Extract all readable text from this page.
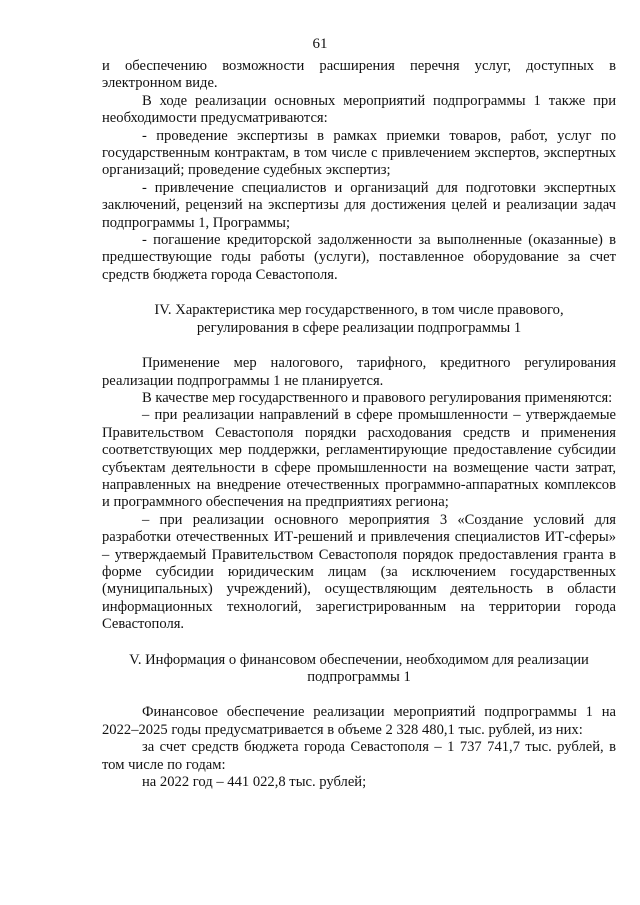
61

и обеспечению возможности расширения перечня услуг, доступных в электронном виде.

В ходе реализации основных мероприятий подпрограммы 1 также при необходимости предусматриваются:

- проведение экспертизы в рамках приемки товаров, работ, услуг по государственным контрактам, в том числе с привлечением экспертов, экспертных организаций; проведение судебных экспертиз;

- привлечение специалистов и организаций для подготовки экспертных заключений, рецензий на экспертизы для достижения целей и реализации задач подпрограммы 1, Программы;

- погашение кредиторской задолженности за выполненные (оказанные) в предшествующие годы работы (услуги), поставленное оборудование за счет средств бюджета города Севастополя.

IV. Характеристика мер государственного, в том числе правового,
регулирования в сфере реализации подпрограммы 1

Применение мер налогового, тарифного, кредитного регулирования реализации подпрограммы 1 не планируется.

В качестве мер государственного и правового регулирования применяются:

– при реализации направлений в сфере промышленности – утверждаемые Правительством Севастополя порядки расходования средств и применения соответствующих мер поддержки, регламентирующие предоставление субсидии субъектам деятельности в сфере промышленности на возмещение части затрат, направленных на внедрение отечественных программно-аппаратных комплексов и программного обеспечения на предприятиях региона;

– при реализации основного мероприятия 3 «Создание условий для разработки отечественных ИТ-решений и привлечения специалистов ИТ-сферы» – утверждаемый Правительством Севастополя порядок предоставления гранта в форме субсидии юридическим лицам (за исключением государственных (муниципальных) учреждений), осуществляющим деятельность в области информационных технологий, зарегистрированным на территории города Севастополя.

V. Информация о финансовом обеспечении, необходимом для реализации
подпрограммы 1

Финансовое обеспечение реализации мероприятий подпрограммы 1 на 2022–2025 годы предусматривается в объеме 2 328 480,1 тыс. рублей, из них:

за счет средств бюджета города Севастополя – 1 737 741,7 тыс. рублей, в том числе по годам:

на 2022 год – 441 022,8 тыс. рублей;
